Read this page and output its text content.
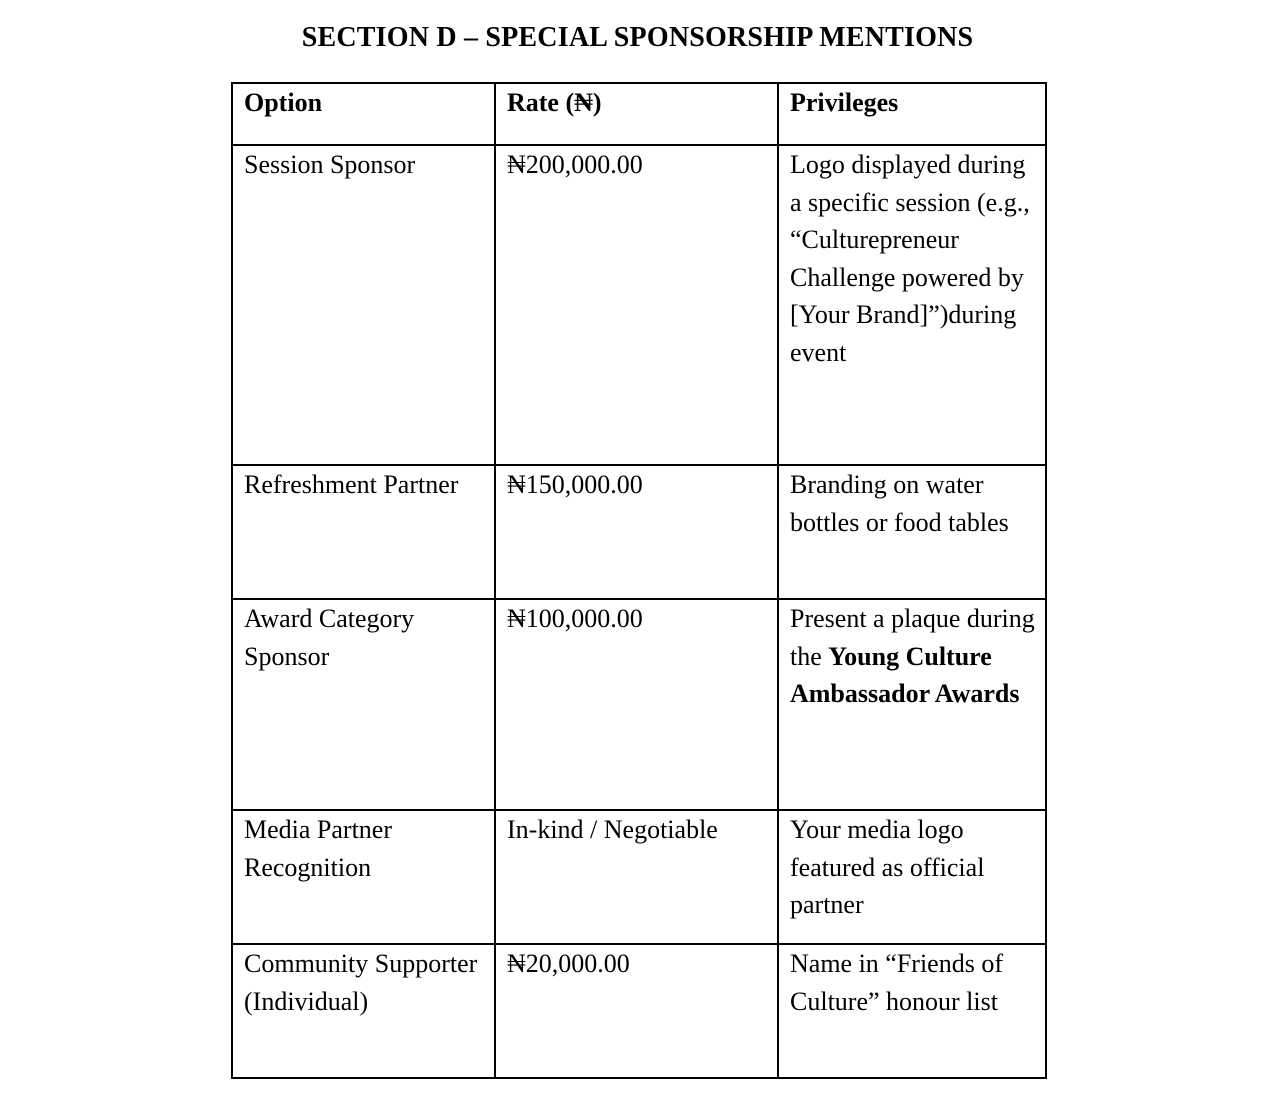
SECTION D – SPECIAL SPONSORSHIP MENTIONS
Option	Rate (₦)	Privileges
Session Sponsor	₦200,000.00	Logo displayed during a specific session (e.g., “Culturepreneur Challenge powered by [Your Brand]”)during event
Refreshment Partner	₦150,000.00	Branding on water bottles or food tables
Award Category Sponsor	₦100,000.00	Present a plaque during the Young Culture Ambassador Awards
Media Partner Recognition	In-kind / Negotiable	Your media logo featured as official partner
Community Supporter (Individual)	₦20,000.00	Name in “Friends of Culture” honour list
